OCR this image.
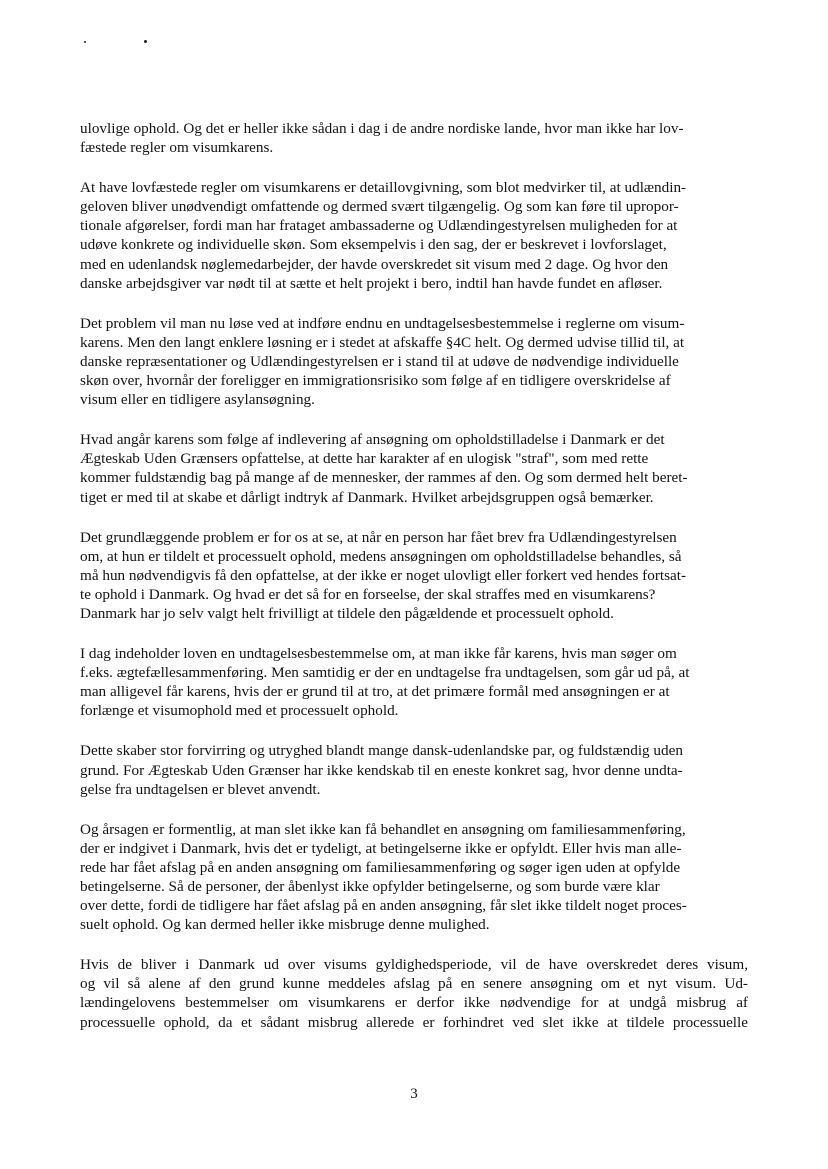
ulovlige ophold. Og det er heller ikke sådan i dag i de andre nordiske lande, hvor man ikke har lov-
fæstede regler om visumkarens.

At have lovfæstede regler om visumkarens er detaillovgivning, som blot medvirker til, at udlændin-
geloven bliver unødvendigt omfattende og dermed svært tilgængelig. Og som kan føre til upropor-
tionale afgørelser, fordi man har frataget ambassaderne og Udlændingestyrelsen muligheden for at
udøve konkrete og individuelle skøn. Som eksempelvis i den sag, der er beskrevet i lovforslaget,
med en udenlandsk nøglemedarbejder, der havde overskredet sit visum med 2 dage. Og hvor den
danske arbejdsgiver var nødt til at sætte et helt projekt i bero, indtil han havde fundet en afløser.

Det problem vil man nu løse ved at indføre endnu en undtagelsesbestemmelse i reglerne om visum-
karens. Men den langt enklere løsning er i stedet at afskaffe §4C helt. Og dermed udvise tillid til, at
danske repræsentationer og Udlændingestyrelsen er i stand til at udøve de nødvendige individuelle
skøn over, hvornår der foreligger en immigrationsrisiko som følge af en tidligere overskridelse af
visum eller en tidligere asylansøgning.

Hvad angår karens som følge af indlevering af ansøgning om opholdstilladelse i Danmark er det
Ægteskab Uden Grænsers opfattelse, at dette har karakter af en ulogisk "straf", som med rette
kommer fuldstændig bag på mange af de mennesker, der rammes af den. Og som dermed helt beret-
tiget er med til at skabe et dårligt indtryk af Danmark. Hvilket arbejdsgruppen også bemærker.

Det grundlæggende problem er for os at se, at når en person har fået brev fra Udlændingestyrelsen
om, at hun er tildelt et processuelt ophold, medens ansøgningen om opholdstilladelse behandles, så
må hun nødvendigvis få den opfattelse, at der ikke er noget ulovligt eller forkert ved hendes fortsat-
te ophold i Danmark. Og hvad er det så for en forseelse, der skal straffes med en visumkarens?
Danmark har jo selv valgt helt frivilligt at tildele den pågældende et processuelt ophold.

I dag indeholder loven en undtagelsesbestemmelse om, at man ikke får karens, hvis man søger om
f.eks. ægtefællesammenføring. Men samtidig er der en undtagelse fra undtagelsen, som går ud på, at
man alligevel får karens, hvis der er grund til at tro, at det primære formål med ansøgningen er at
forlænge et visumophold med et processuelt ophold.

Dette skaber stor forvirring og utryghed blandt mange dansk-udenlandske par, og fuldstændig uden
grund. For Ægteskab Uden Grænser har ikke kendskab til en eneste konkret sag, hvor denne undta-
gelse fra undtagelsen er blevet anvendt.

Og årsagen er formentlig, at man slet ikke kan få behandlet en ansøgning om familiesammenføring,
der er indgivet i Danmark, hvis det er tydeligt, at betingelserne ikke er opfyldt. Eller hvis man alle-
rede har fået afslag på en anden ansøgning om familiesammenføring og søger igen uden at opfylde
betingelserne. Så de personer, der åbenlyst ikke opfylder betingelserne, og som burde være klar
over dette, fordi de tidligere har fået afslag på en anden ansøgning, får slet ikke tildelt noget proces-
suelt ophold. Og kan dermed heller ikke misbruge denne mulighed.

Hvis de bliver i Danmark ud over visums gyldighedsperiode, vil de have overskredet deres visum,
og vil så alene af den grund kunne meddeles afslag på en senere ansøgning om et nyt visum. Ud-
lændingelovens bestemmelser om visumkarens er derfor ikke nødvendige for at undgå misbrug af
processuelle ophold, da et sådant misbrug allerede er forhindret ved slet ikke at tildele processuelle

3
